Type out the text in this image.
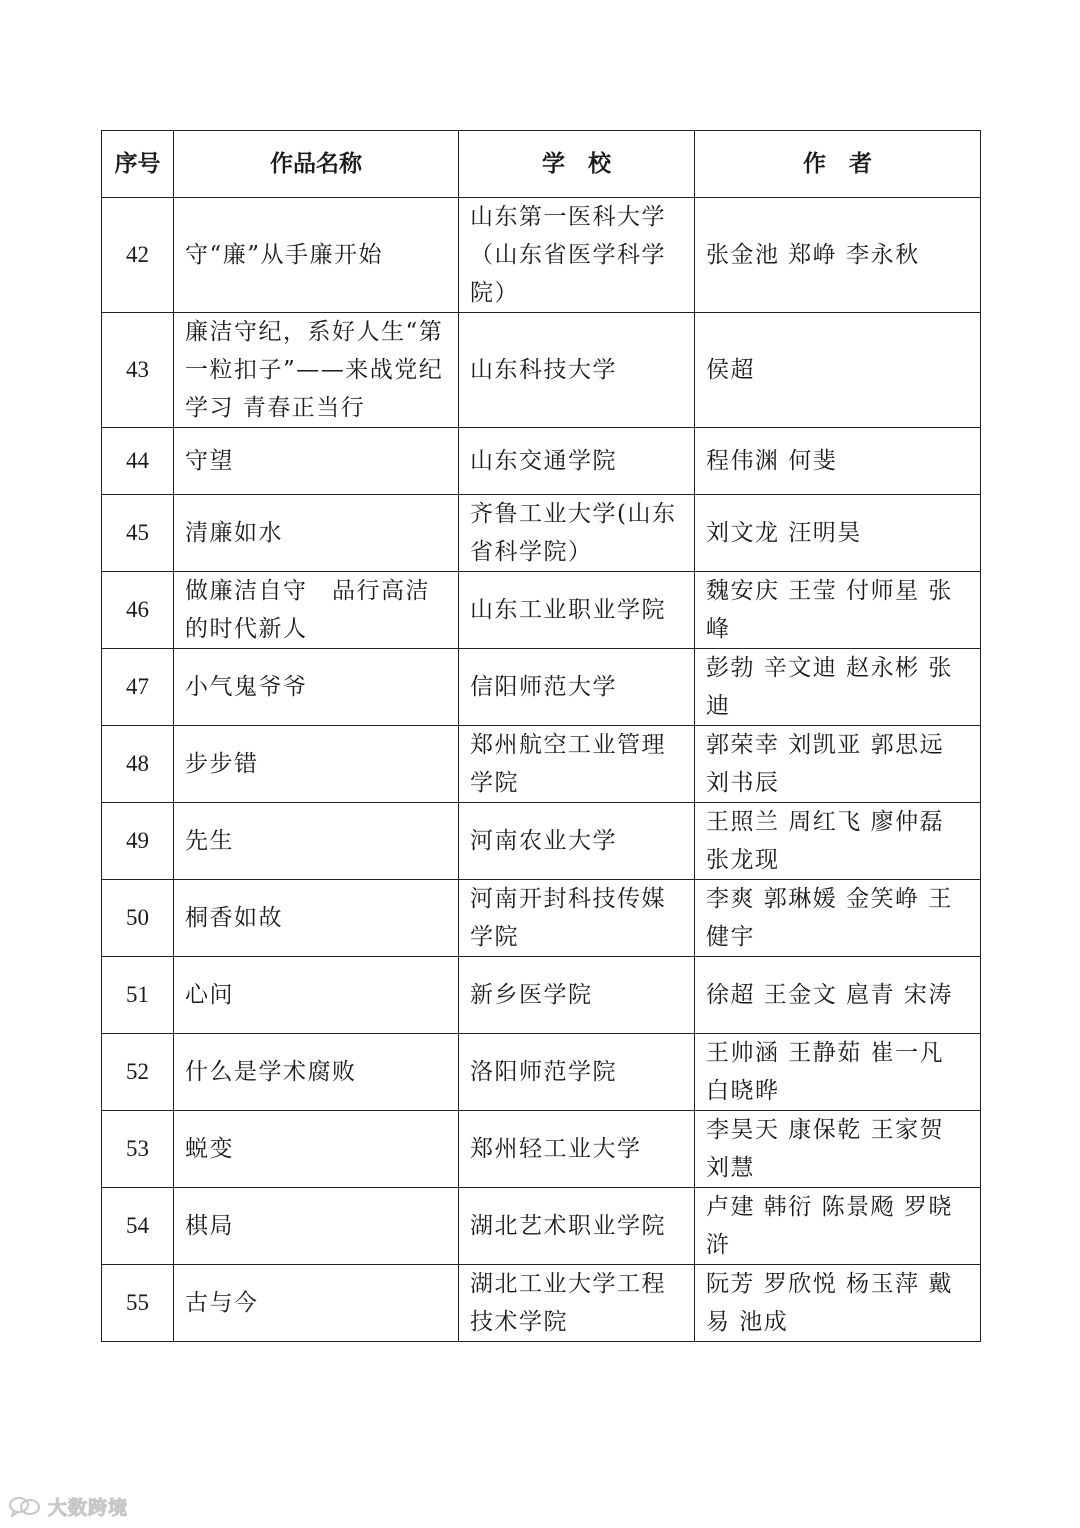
序号	作品名称	学　校	作　者
42	守“廉”从手廉开始	山东第一医科大学（山东省医学科学院）	张金池 郑峥 李永秋
43	廉洁守纪，系好人生“第一粒扣子”——来战党纪学习 青春正当行	山东科技大学	侯超
44	守望	山东交通学院	程伟渊 何斐
45	清廉如水	齐鲁工业大学(山东省科学院）	刘文龙 汪明昊
46	做廉洁自守　品行高洁的时代新人	山东工业职业学院	魏安庆 王莹 付师星 张峰
47	小气鬼爷爷	信阳师范大学	彭勃 辛文迪 赵永彬 张迪
48	步步错	郑州航空工业管理学院	郭荣幸 刘凯亚 郭思远 刘书辰
49	先生	河南农业大学	王照兰 周红飞 廖仲磊 张龙现
50	桐香如故	河南开封科技传媒学院	李爽 郭琳媛 金笑峥 王健宇
51	心问	新乡医学院	徐超 王金文 扈青 宋涛
52	什么是学术腐败	洛阳师范学院	王帅涵 王静茹 崔一凡 白晓晔
53	蜕变	郑州轻工业大学	李昊天 康保乾 王家贺 刘慧
54	棋局	湖北艺术职业学院	卢建 韩衍 陈景飏 罗晓浒
55	古与今	湖北工业大学工程技术学院	阮芳 罗欣悦 杨玉萍 戴易 池成
大数跨境
